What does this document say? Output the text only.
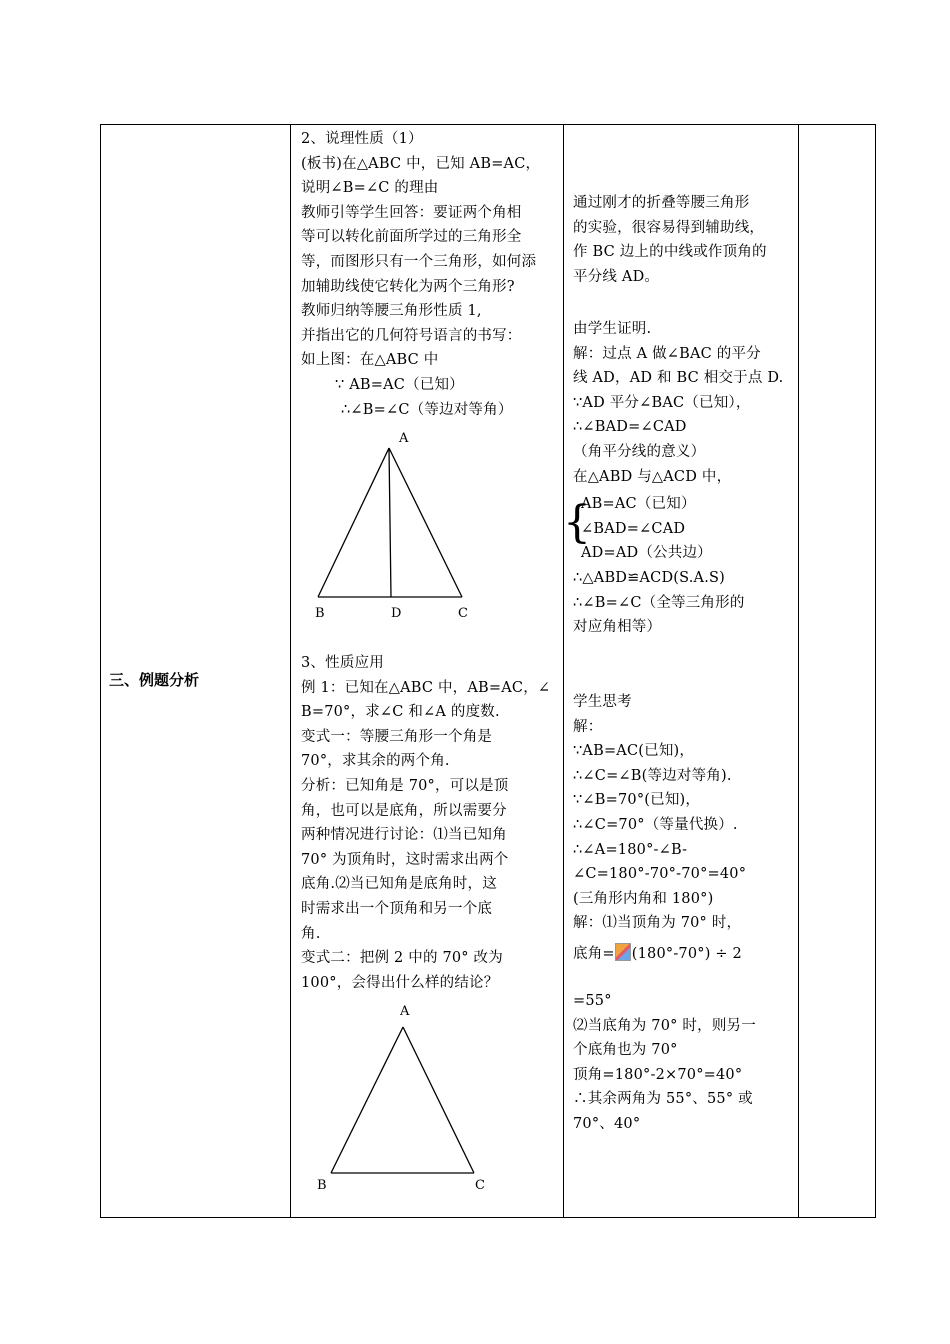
三、例题分析
2、说理性质（1）
(板书)在△ABC 中，已知 AB=AC，
说明∠B=∠C 的理由
教师引等学生回答：要证两个角相
等可以转化前面所学过的三角形全
等，而图形只有一个三角形，如何添
加辅助线使它转化为两个三角形?
教师归纳等腰三角形性质 1,
并指出它的几何符号语言的书写：
如上图：在△ABC 中
∵ AB=AC（已知）
∴∠B=∠C（等边对等角）
A
B	D	C
3、性质应用
例 1：已知在△ABC 中，AB=AC，∠
B=70°，求∠C 和∠A 的度数.
变式一：等腰三角形一个角是
70°，求其余的两个角.
分析：已知角是 70°，可以是顶
角，也可以是底角，所以需要分
两种情况进行讨论：⑴当已知角
70° 为顶角时，这时需求出两个
底角.⑵当已知角是底角时，这
时需求出一个顶角和另一个底
角.
变式二：把例 2 中的 70° 改为
100°，会得出什么样的结论？
A
B	C
通过刚才的折叠等腰三角形
的实验，很容易得到辅助线，
作 BC 边上的中线或作顶角的
平分线 AD。
由学生证明.
解：过点 A 做∠BAC 的平分
线 AD，AD 和 BC 相交于点 D.
∵AD 平分∠BAC（已知），
∴∠BAD=∠CAD
（角平分线的意义）
在△ABD 与△ACD 中，
{
AB=AC（已知）
∠BAD=∠CAD
AD=AD（公共边）
∴△ABD≌ACD(S.A.S)
∴∠B=∠C（全等三角形的
对应角相等）
学生思考
解：
∵AB=AC(已知)，
∴∠C=∠B(等边对等角).
∵∠B=70°(已知)，
∴∠C=70°（等量代换）.
∴∠A=180°-∠B-
∠C=180°-70°-70°=40°
(三角形内角和 180°)
解：⑴当顶角为 70° 时，
底角= (180°-70°) ÷ 2
=55°
⑵当底角为 70° 时，则另一
个底角也为 70°
顶角=180°-2×70°=40°
∴其余两角为 55°、55° 或
70°、40°
